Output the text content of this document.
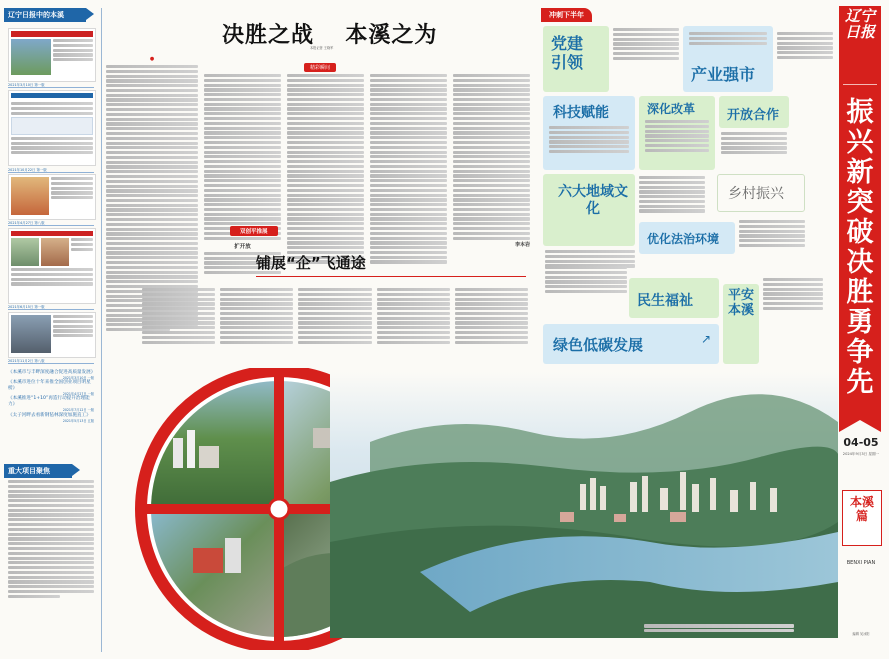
辽宁日报中的本溪
2021年3月10日 第一版
2021年10月22日 第一版
2021年4月27日 第八版
2021年6月15日 第一版
2021年11月2日 第八版
《本溪市与丰畔深度融合促进高质量发展》
2021年3月10日 一版
《本溪市进位十年来推全国创业项目明星榜》
2021年4月27日 一版
《本溪推进“1+10”再造行动提升治理能力》
2021年7月12日 一版
《太子河畔去看新钢毡林深度加施直工》
2021年5月13日 五版
重大项目聚焦
●
决胜之战 本溪之为
本报记者 王晓军
精彩瞬间
扩开放	李本岩
双创平推展
铺展“企”飞通途
冲刺下半年
党建引领
产业强市
科技赋能	深化改革 开放合作
六大地域文化
乡村振兴
优化法治环境
民生福祉	平安本溪
绿色低碳发展	↗
辽宁日报
振兴新突破 决胜勇争先
04-05
2024年9月3日 星期一
本溪篇
BENXI PIAN
编辑 吴冰阳
